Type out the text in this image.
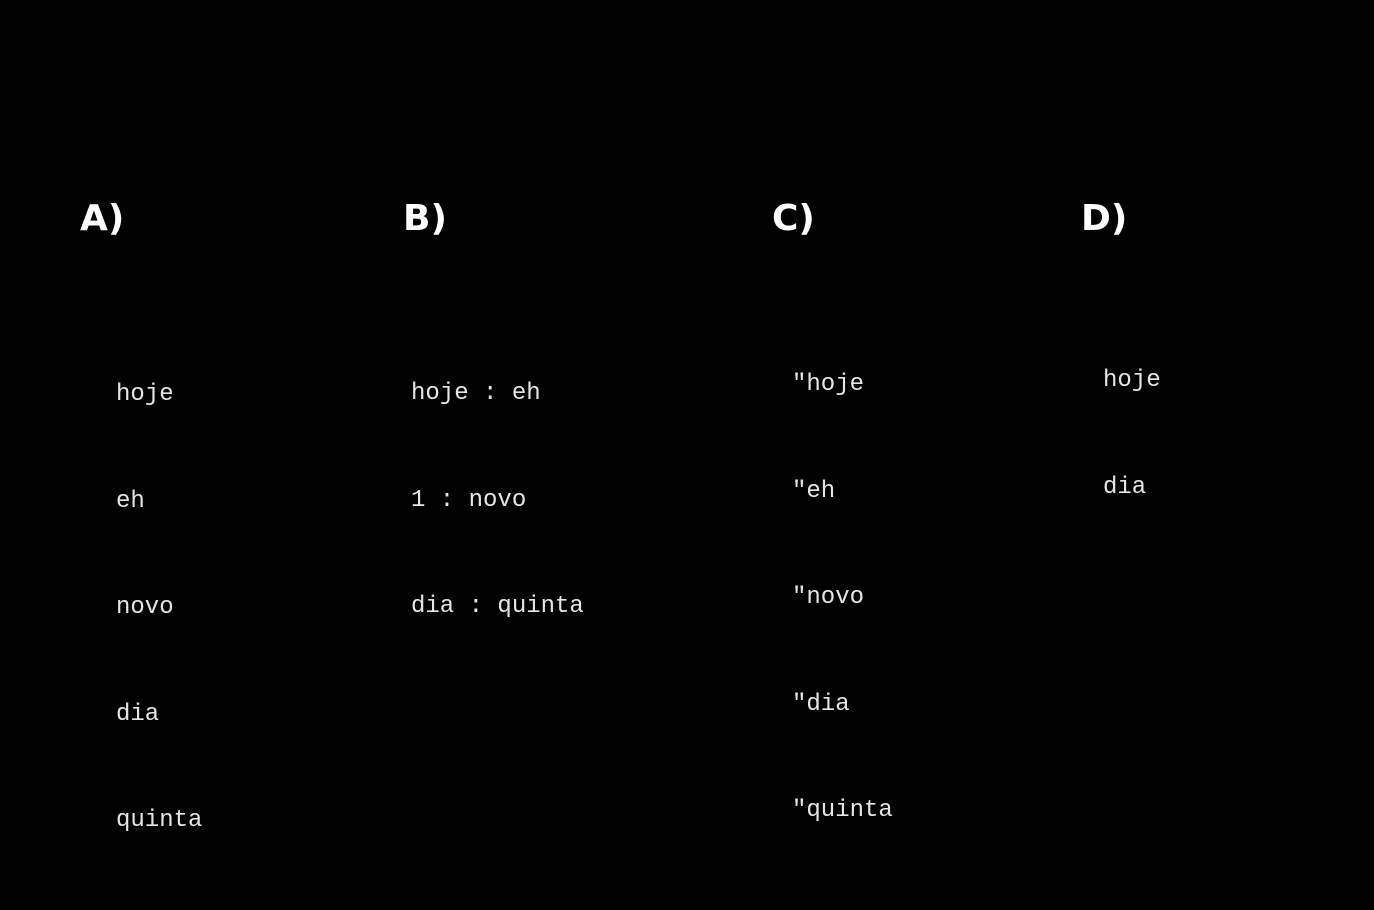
A)

hoje

eh

novo

dia

quinta

B)

hoje : eh

1 : novo

dia : quinta

C)

"hoje

"eh

"novo

"dia

"quinta

D)

hoje

dia
